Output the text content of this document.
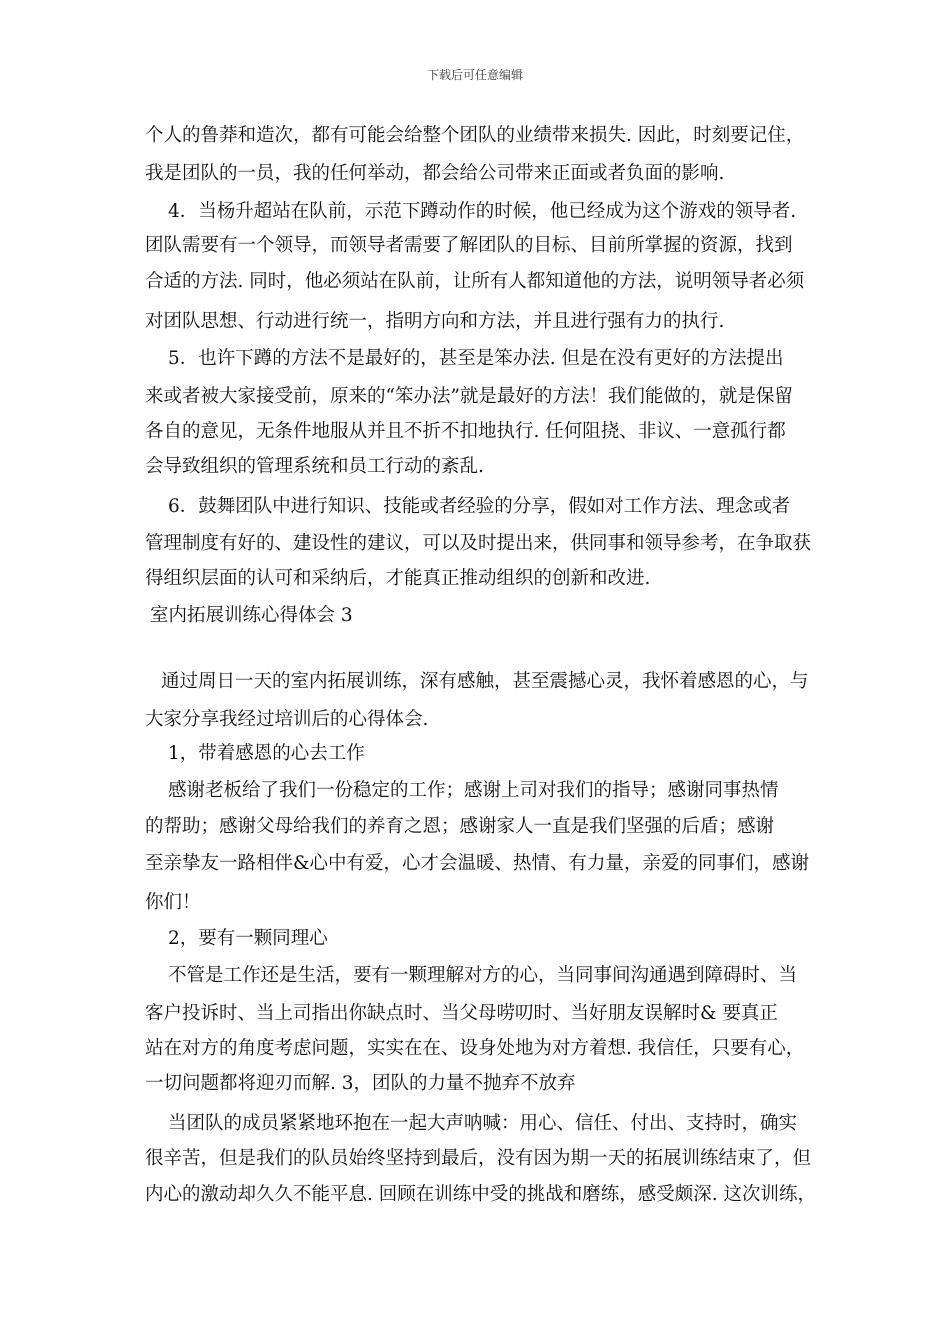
下载后可任意编辑
个人的鲁莽和造次，都有可能会给整个团队的业绩带来损失. 因此，时刻要记住，
我是团队的一员，我的任何举动，都会给公司带来正面或者负面的影响.
4．当杨升超站在队前，示范下蹲动作的时候，他已经成为这个游戏的领导者.
团队需要有一个领导，而领导者需要了解团队的目标、目前所掌握的资源，找到
合适的方法. 同时，他必须站在队前，让所有人都知道他的方法，说明领导者必须
对团队思想、行动进行统一，指明方向和方法，并且进行强有力的执行.
5．也许下蹲的方法不是最好的，甚至是笨办法. 但是在没有更好的方法提出
来或者被大家接受前，原来的“笨办法”就是最好的方法！我们能做的，就是保留
各自的意见，无条件地服从并且不折不扣地执行. 任何阻挠、非议、一意孤行都
会导致组织的管理系统和员工行动的紊乱.
6．鼓舞团队中进行知识、技能或者经验的分享，假如对工作方法、理念或者
管理制度有好的、建设性的建议，可以及时提出来，供同事和领导参考，在争取获
得组织层面的认可和采纳后，才能真正推动组织的创新和改进.
室内拓展训练心得体会 3
通过周日一天的室内拓展训练，深有感触，甚至震撼心灵，我怀着感恩的心，与
大家分享我经过培训后的心得体会.
1，带着感恩的心去工作
感谢老板给了我们一份稳定的工作；感谢上司对我们的指导；感谢同事热情
的帮助；感谢父母给我们的养育之恩；感谢家人一直是我们坚强的后盾；感谢
至亲挚友一路相伴&心中有爱，心才会温暖、热情、有力量，亲爱的同事们，感谢
你们！
2，要有一颗同理心
不管是工作还是生活，要有一颗理解对方的心，当同事间沟通遇到障碍时、当
客户投诉时、当上司指出你缺点时、当父母唠叨时、当好朋友误解时& 要真正
站在对方的角度考虑问题，实实在在、设身处地为对方着想. 我信任，只要有心，
一切问题都将迎刃而解. 3，团队的力量不抛弃不放弃
当团队的成员紧紧地环抱在一起大声呐喊：用心、信任、付出、支持时，确实
很辛苦，但是我们的队员始终坚持到最后，没有因为期一天的拓展训练结束了，但
内心的激动却久久不能平息. 回顾在训练中受的挑战和磨练，感受颇深. 这次训练，
